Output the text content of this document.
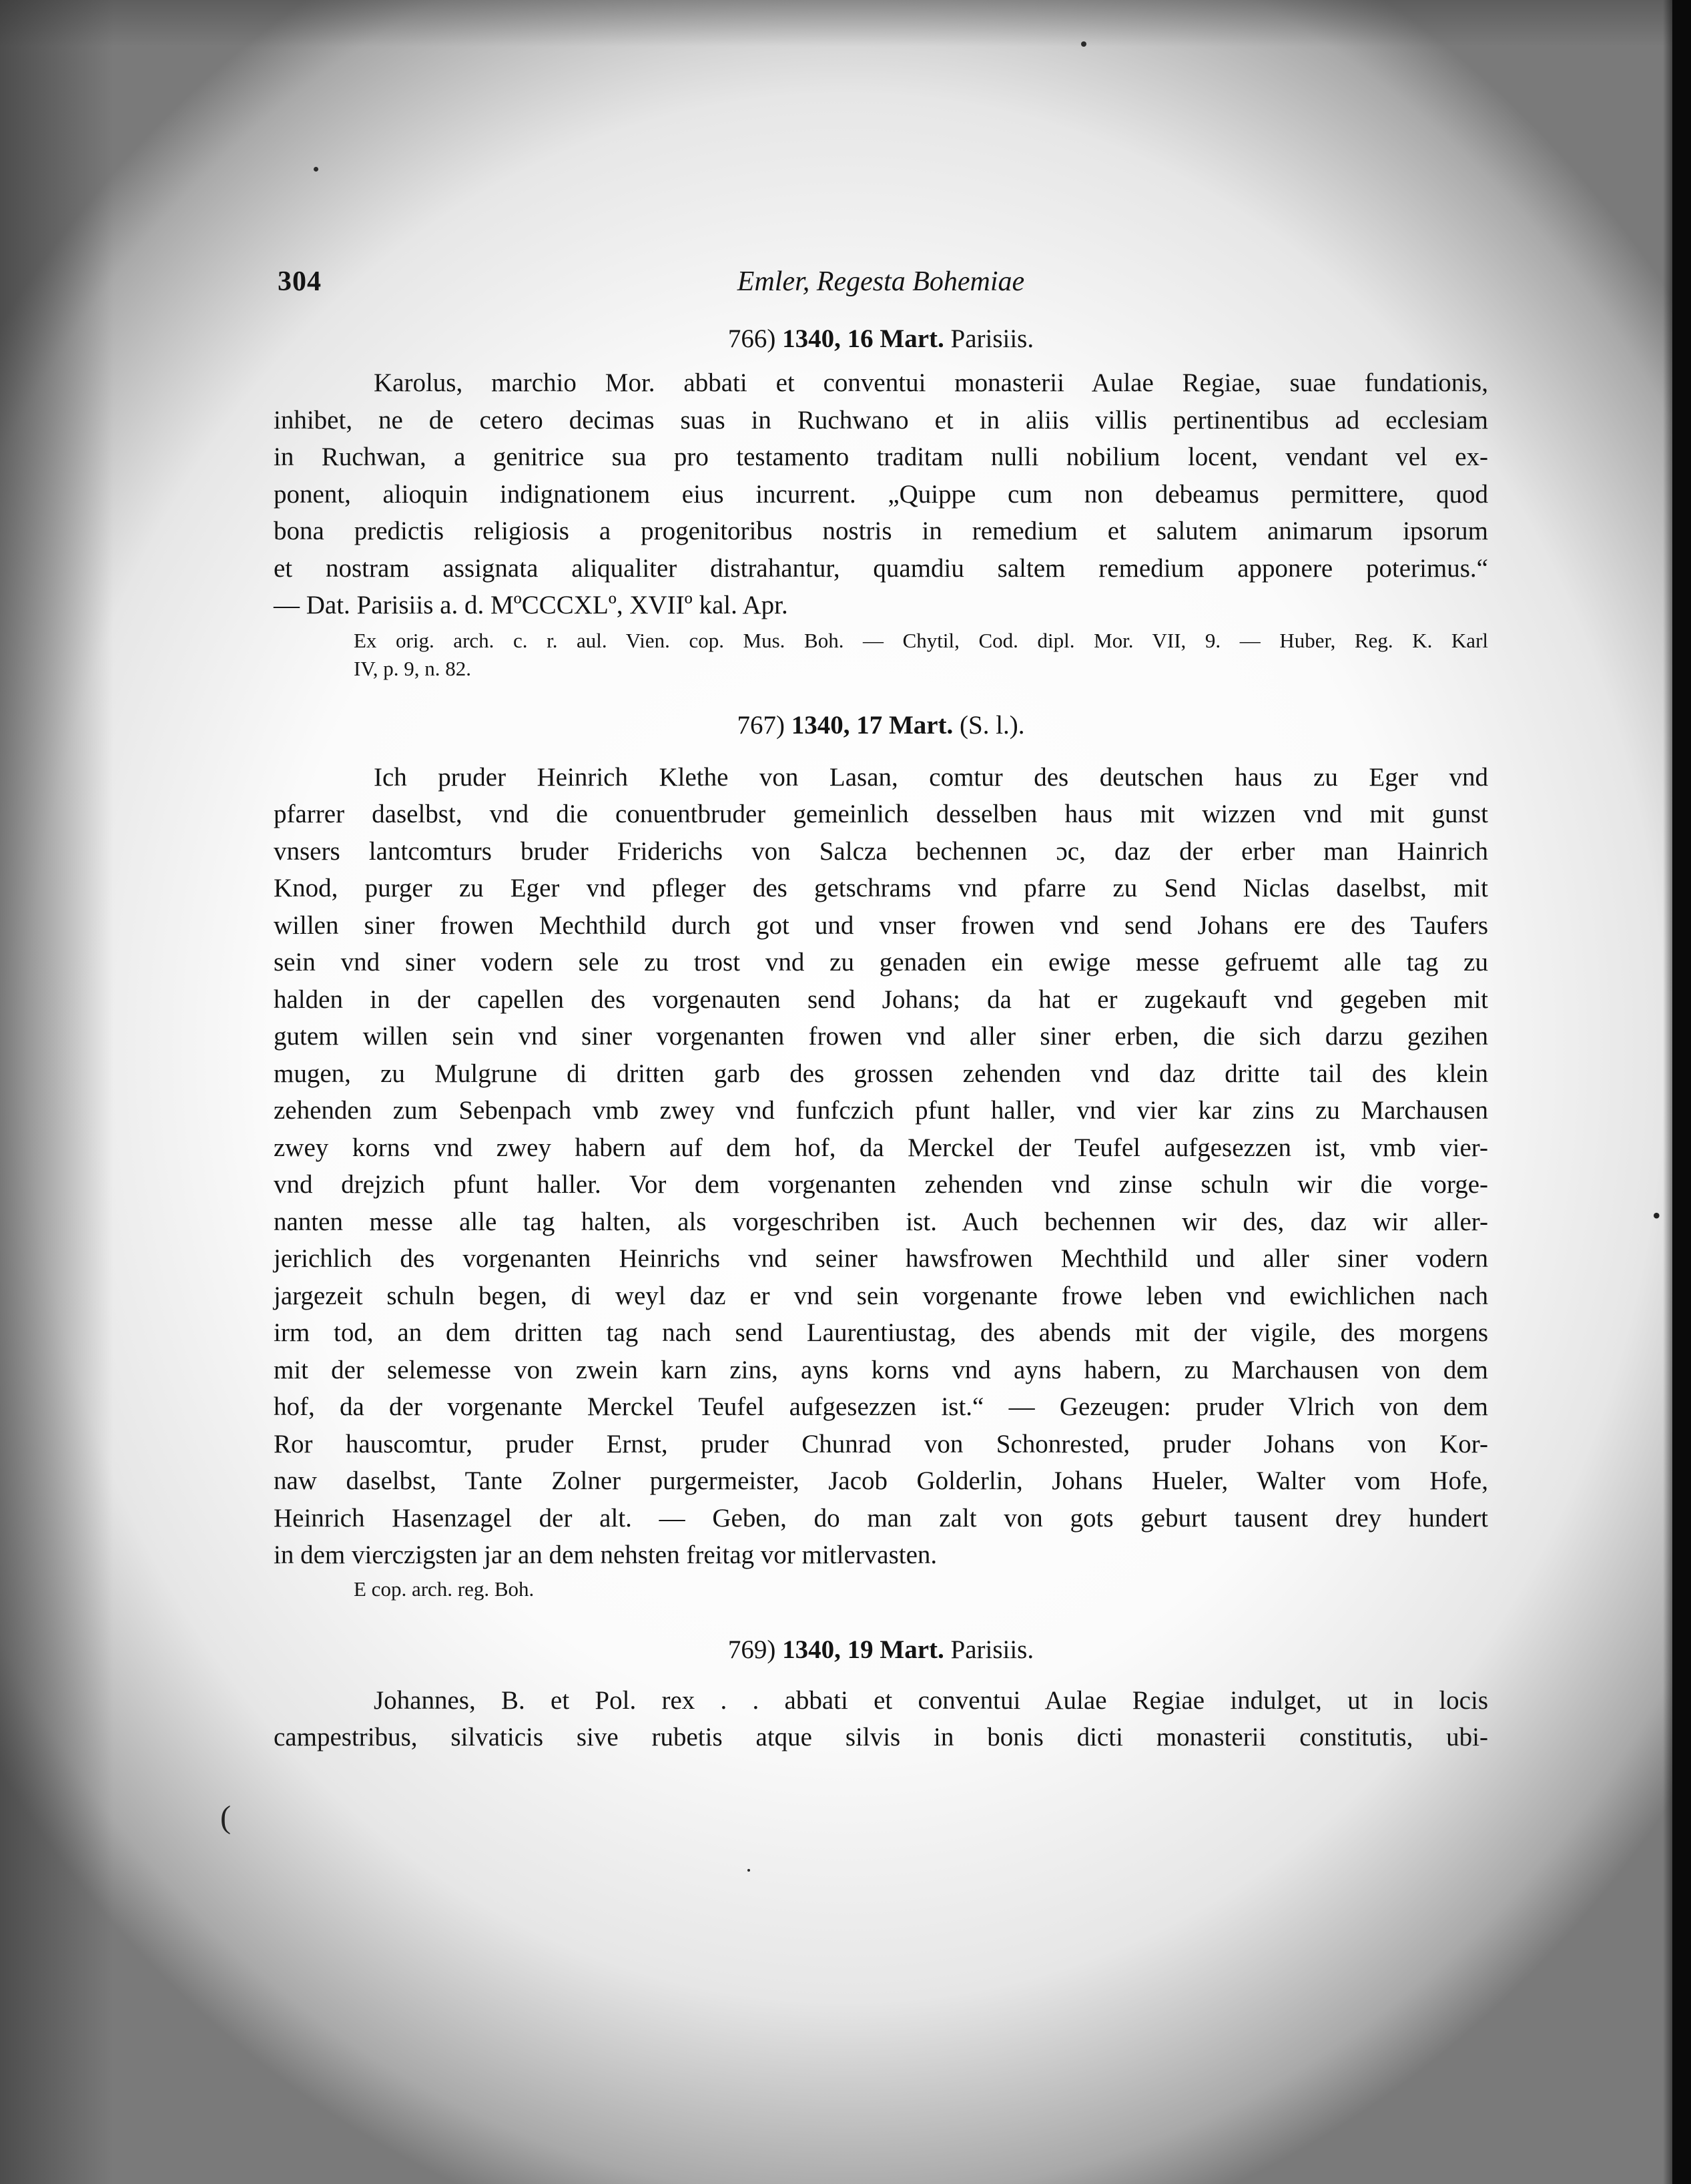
(
•
304	Emler, Regesta Bohemiae

766) 1340, 16 Mart. Parisiis.

Karolus, marchio Mor. abbati et conventui monasterii Aulae Regiae, suae fundationis,
inhibet, ne de cetero decimas suas in Ruchwano et in aliis villis pertinentibus ad ecclesiam
in Ruchwan, a genitrice sua pro testamento traditam nulli nobilium locent, vendant vel ex-
ponent, alioquin indignationem eius incurrent. „Quippe cum non debeamus permittere, quod
bona predictis religiosis a progenitoribus nostris in remedium et salutem animarum ipsorum
et nostram assignata aliqualiter distrahantur, quamdiu saltem remedium apponere poterimus.“
— Dat. Parisiis a. d. MºCCCXLº, XVIIº kal. Apr.
Ex orig. arch. c. r. aul. Vien. cop. Mus. Boh. — Chytil, Cod. dipl. Mor. VII, 9. — Huber, Reg. K. Karl
IV, p. 9, n. 82.

767) 1340, 17 Mart. (S. l.).

Ich pruder Heinrich Klethe von Lasan, comtur des deutschen haus zu Eger vnd
pfarrer daselbst, vnd die conuentbruder gemeinlich desselben haus mit wizzen vnd mit gunst
vnsers lantcomturs bruder Friderichs von Salcza bechennen ɔc, daz der erber man Hainrich
Knod, purger zu Eger vnd pfleger des getschrams vnd pfarre zu Send Niclas daselbst, mit
willen siner frowen Mechthild durch got und vnser frowen vnd send Johans ere des Taufers
sein vnd siner vodern sele zu trost vnd zu genaden ein ewige messe gefruemt alle tag zu
halden in der capellen des vorgenauten send Johans; da hat er zugekauft vnd gegeben mit
gutem willen sein vnd siner vorgenanten frowen vnd aller siner erben, die sich darzu gezihen
mugen, zu Mulgrune di dritten garb des grossen zehenden vnd daz dritte tail des klein
zehenden zum Sebenpach vmb zwey vnd funfczich pfunt haller, vnd vier kar zins zu Marchausen
zwey korns vnd zwey habern auf dem hof, da Merckel der Teufel aufgesezzen ist, vmb vier-
vnd drejzich pfunt haller. Vor dem vorgenanten zehenden vnd zinse schuln wir die vorge-
nanten messe alle tag halten, als vorgeschriben ist. Auch bechennen wir des, daz wir aller-
jerichlich des vorgenanten Heinrichs vnd seiner hawsfrowen Mechthild und aller siner vodern
jargezeit schuln begen, di weyl daz er vnd sein vorgenante frowe leben vnd ewichlichen nach
irm tod, an dem dritten tag nach send Laurentiustag, des abends mit der vigile, des morgens
mit der selemesse von zwein karn zins, ayns korns vnd ayns habern, zu Marchausen von dem
hof, da der vorgenante Merckel Teufel aufgesezzen ist.“ — Gezeugen: pruder Vlrich von dem
Ror hauscomtur, pruder Ernst, pruder Chunrad von Schonrested, pruder Johans von Kor-
naw daselbst, Tante Zolner purgermeister, Jacob Golderlin, Johans Hueler, Walter vom Hofe,
Heinrich Hasenzagel der alt. — Geben, do man zalt von gots geburt tausent drey hundert
in dem vierczigsten jar an dem nehsten freitag vor mitlervasten.
E cop. arch. reg. Boh.

769) 1340, 19 Mart. Parisiis.

Johannes, B. et Pol. rex . . abbati et conventui Aulae Regiae indulget, ut in locis
campestribus, silvaticis sive rubetis atque silvis in bonis dicti monasterii constitutis, ubi-
